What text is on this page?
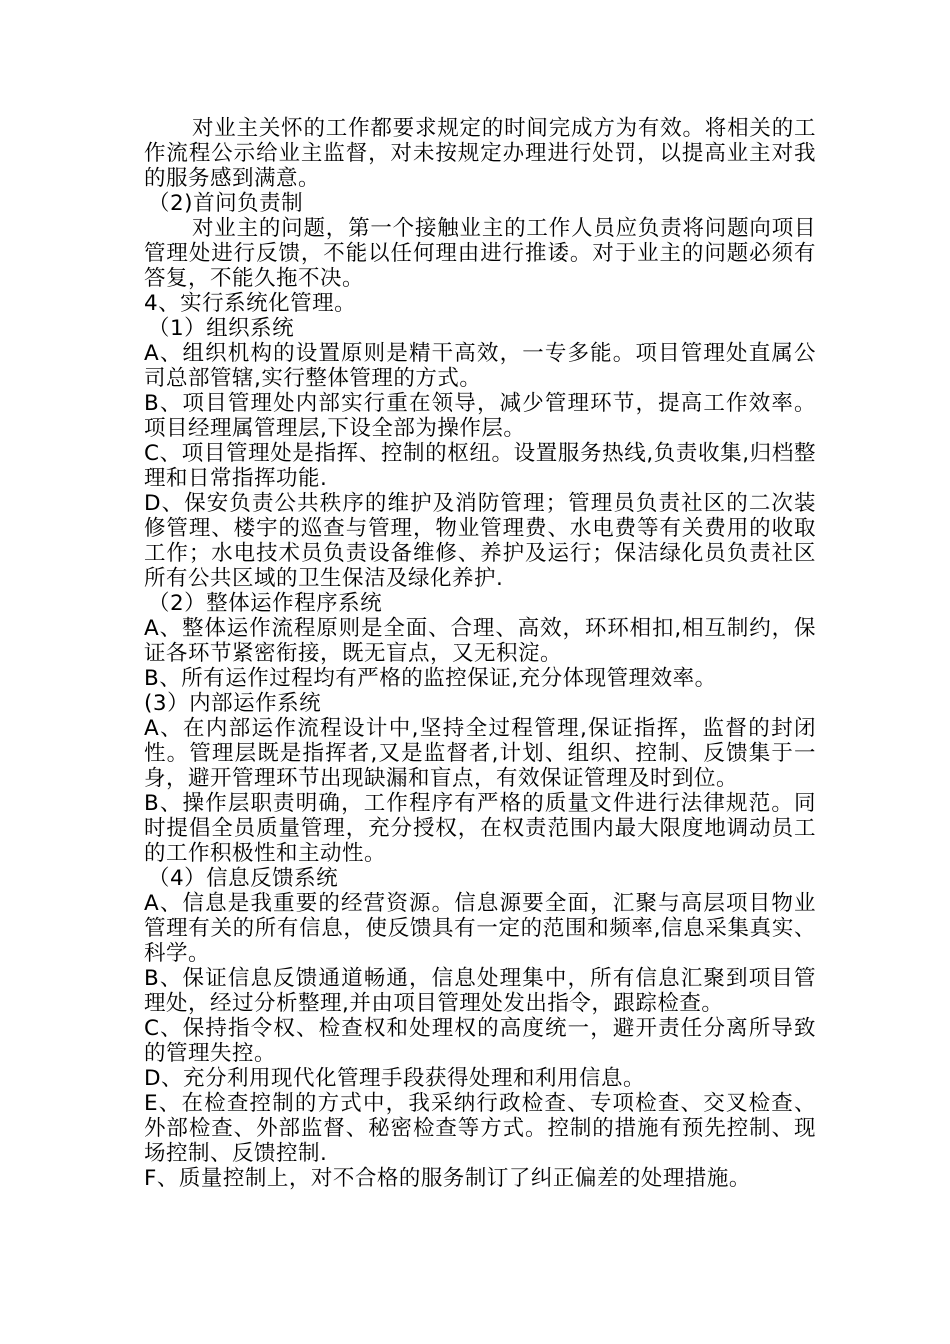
对业主关怀的工作都要求规定的时间完成方为有效。将相关的工作流程公示给业主监督，对未按规定办理进行处罚，以提高业主对我的服务感到满意。

（2)首问负责制

对业主的问题，第一个接触业主的工作人员应负责将问题向项目管理处进行反馈，不能以任何理由进行推诿。对于业主的问题必须有答复，不能久拖不决。

4、实行系统化管理。

（1）组织系统

A、组织机构的设置原则是精干高效，一专多能。项目管理处直属公司总部管辖,实行整体管理的方式。

B、项目管理处内部实行重在领导，减少管理环节，提高工作效率。项目经理属管理层,下设全部为操作层。

C、项目管理处是指挥、控制的枢纽。设置服务热线,负责收集,归档整理和日常指挥功能.

D、保安负责公共秩序的维护及消防管理；管理员负责社区的二次装修管理、楼宇的巡查与管理，物业管理费、水电费等有关费用的收取工作；水电技术员负责设备维修、养护及运行；保洁绿化员负责社区所有公共区域的卫生保洁及绿化养护.

（2）整体运作程序系统

A、整体运作流程原则是全面、合理、高效，环环相扣,相互制约，保证各环节紧密衔接，既无盲点，又无积淀。

B、所有运作过程均有严格的监控保证,充分体现管理效率。

(3）内部运作系统

A、在内部运作流程设计中,坚持全过程管理,保证指挥，监督的封闭性。管理层既是指挥者,又是监督者,计划、组织、控制、反馈集于一身，避开管理环节出现缺漏和盲点，有效保证管理及时到位。

B、操作层职责明确，工作程序有严格的质量文件进行法律规范。同时提倡全员质量管理，充分授权，在权责范围内最大限度地调动员工的工作积极性和主动性。

（4）信息反馈系统

A、信息是我重要的经营资源。信息源要全面，汇聚与高层项目物业管理有关的所有信息，使反馈具有一定的范围和频率,信息采集真实、科学。

B、保证信息反馈通道畅通，信息处理集中，所有信息汇聚到项目管理处，经过分析整理,并由项目管理处发出指令，跟踪检查。

C、保持指令权、检查权和处理权的高度统一，避开责任分离所导致的管理失控。

D、充分利用现代化管理手段获得处理和利用信息。

E、在检查控制的方式中，我采纳行政检查、专项检查、交叉检查、外部检查、外部监督、秘密检查等方式。控制的措施有预先控制、现场控制、反馈控制.

F、质量控制上，对不合格的服务制订了纠正偏差的处理措施。
